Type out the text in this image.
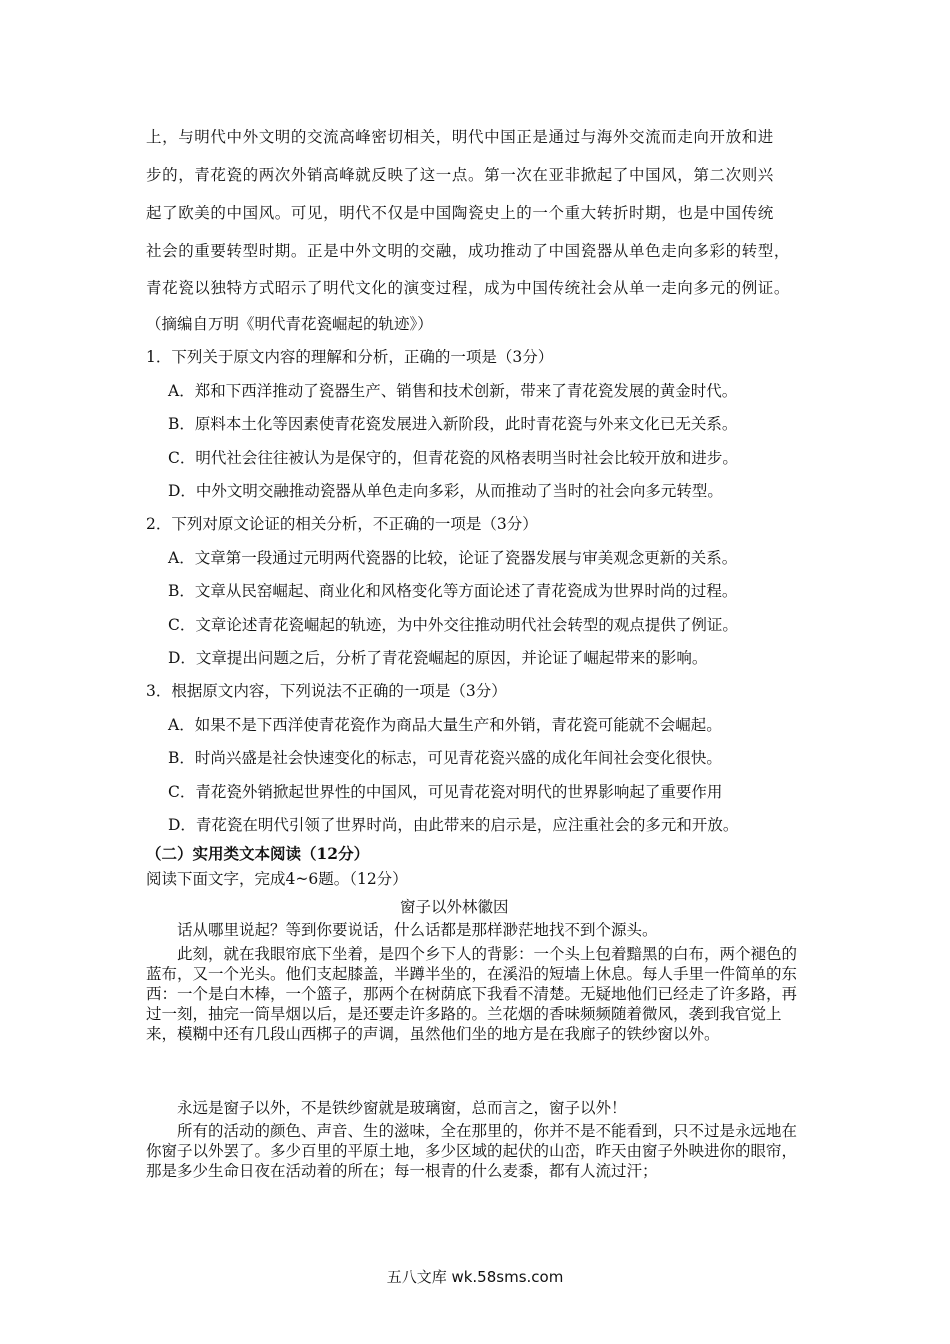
上，与明代中外文明的交流高峰密切相关，明代中国正是通过与海外交流而走向开放和进
步的，青花瓷的两次外销高峰就反映了这一点。第一次在亚非掀起了中国风，第二次则兴
起了欧美的中国风。可见，明代不仅是中国陶瓷史上的一个重大转折时期，也是中国传统
社会的重要转型时期。正是中外文明的交融，成功推动了中国瓷器从单色走向多彩的转型，
青花瓷以独特方式昭示了明代文化的演变过程，成为中国传统社会从单一走向多元的例证。
（摘编自万明《明代青花瓷崛起的轨迹》）
1．下列关于原文内容的理解和分析，正确的一项是（3分）
A．郑和下西洋推动了瓷器生产、销售和技术创新，带来了青花瓷发展的黄金时代。
B．原料本土化等因素使青花瓷发展进入新阶段，此时青花瓷与外来文化已无关系。
C．明代社会往往被认为是保守的，但青花瓷的风格表明当时社会比较开放和进步。
D．中外文明交融推动瓷器从单色走向多彩，从而推动了当时的社会向多元转型。
2．下列对原文论证的相关分析，不正确的一项是（3分）
A．文章第一段通过元明两代瓷器的比较，论证了瓷器发展与审美观念更新的关系。
B．文章从民窑崛起、商业化和风格变化等方面论述了青花瓷成为世界时尚的过程。
C．文章论述青花瓷崛起的轨迹，为中外交往推动明代社会转型的观点提供了例证。
D．文章提出问题之后，分析了青花瓷崛起的原因，并论证了崛起带来的影响。
3．根据原文内容，下列说法不正确的一项是（3分）
A．如果不是下西洋使青花瓷作为商品大量生产和外销，青花瓷可能就不会崛起。
B．时尚兴盛是社会快速变化的标志，可见青花瓷兴盛的成化年间社会变化很快。
C．青花瓷外销掀起世界性的中国风，可见青花瓷对明代的世界影响起了重要作用
D．青花瓷在明代引领了世界时尚，由此带来的启示是，应注重社会的多元和开放。
（二）实用类文本阅读（12分）
阅读下面文字，完成4~6题。（12分）
窗子以外林徽因
话从哪里说起？等到你要说话，什么话都是那样渺茫地找不到个源头。
此刻，就在我眼帘底下坐着，是四个乡下人的背影：一个头上包着黯黑的白布，两个褪色的蓝布，又一个光头。他们支起膝盖，半蹲半坐的，在溪沿的短墙上休息。每人手里一件简单的东西：一个是白木棒，一个篮子，那两个在树荫底下我看不清楚。无疑地他们已经走了许多路，再过一刻，抽完一筒旱烟以后，是还要走许多路的。兰花烟的香味频频随着微风，袭到我官觉上来，模糊中还有几段山西梆子的声调，虽然他们坐的地方是在我廊子的铁纱窗以外。
永远是窗子以外，不是铁纱窗就是玻璃窗，总而言之，窗子以外！
所有的活动的颜色、声音、生的滋味，全在那里的，你并不是不能看到，只不过是永远地在你窗子以外罢了。多少百里的平原土地，多少区域的起伏的山峦，昨天由窗子外映进你的眼帘，那是多少生命日夜在活动着的所在；每一根青的什么麦黍，都有人流过汗；
五八文库 wk.58sms.com
